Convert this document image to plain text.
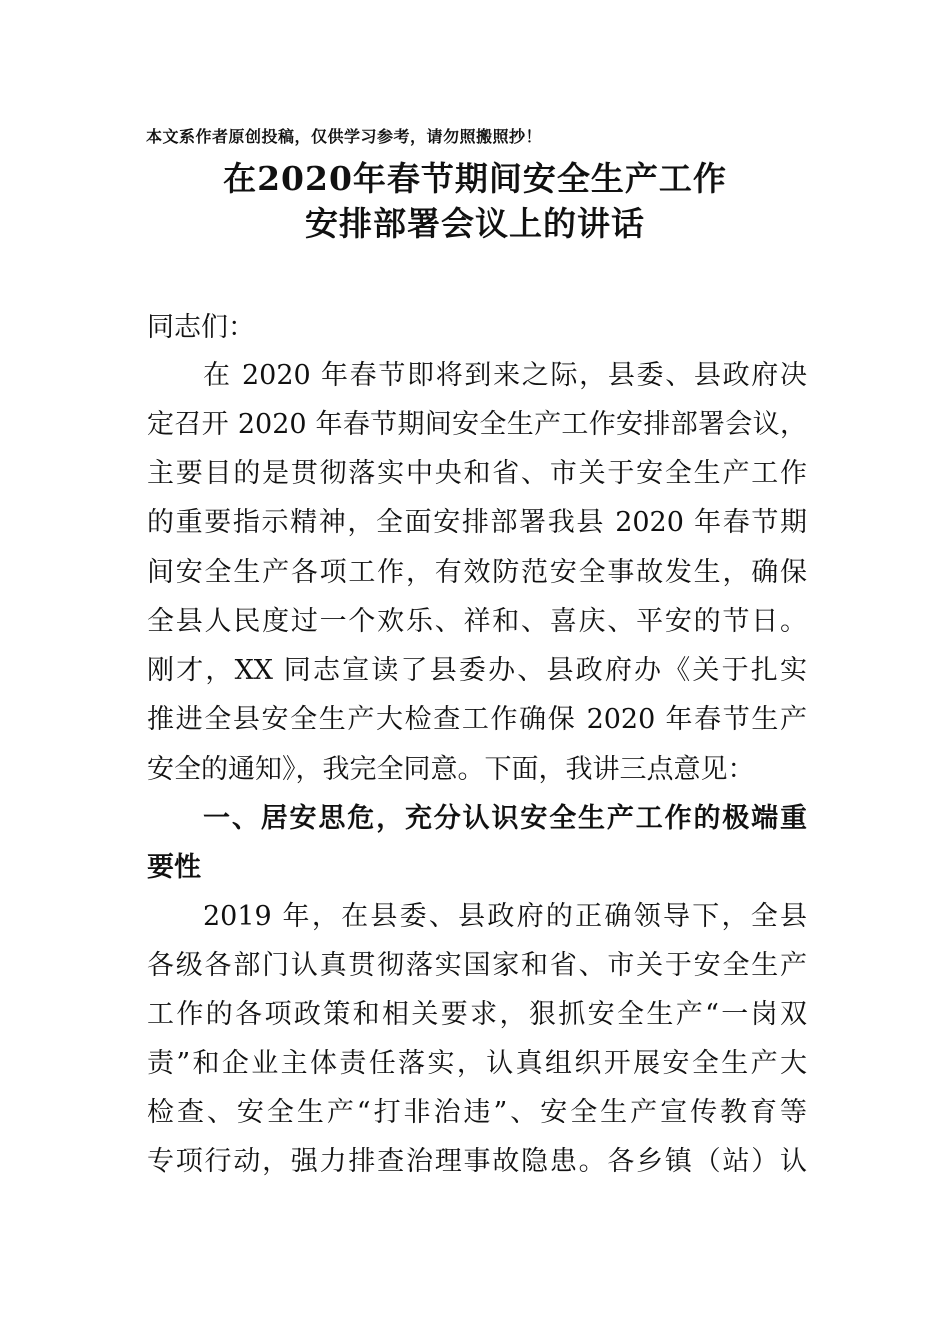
本文系作者原创投稿，仅供学习参考，请勿照搬照抄！
在2020年春节期间安全生产工作
安排部署会议上的讲话
同志们：
在 2020 年春节即将到来之际，县委、县政府决
定召开 2020 年春节期间安全生产工作安排部署会议，
主要目的是贯彻落实中央和省、市关于安全生产工作
的重要指示精神，全面安排部署我县 2020 年春节期
间安全生产各项工作，有效防范安全事故发生，确保
全县人民度过一个欢乐、祥和、喜庆、平安的节日。
刚才，XX 同志宣读了县委办、县政府办《关于扎实
推进全县安全生产大检查工作确保 2020 年春节生产
安全的通知》，我完全同意。下面，我讲三点意见：
一、居安思危，充分认识安全生产工作的极端重
要性
2019 年，在县委、县政府的正确领导下，全县
各级各部门认真贯彻落实国家和省、市关于安全生产
工作的各项政策和相关要求，狠抓安全生产“一岗双
责”和企业主体责任落实，认真组织开展安全生产大
检查、安全生产“打非治违”、安全生产宣传教育等
专项行动，强力排查治理事故隐患。各乡镇（站）认
